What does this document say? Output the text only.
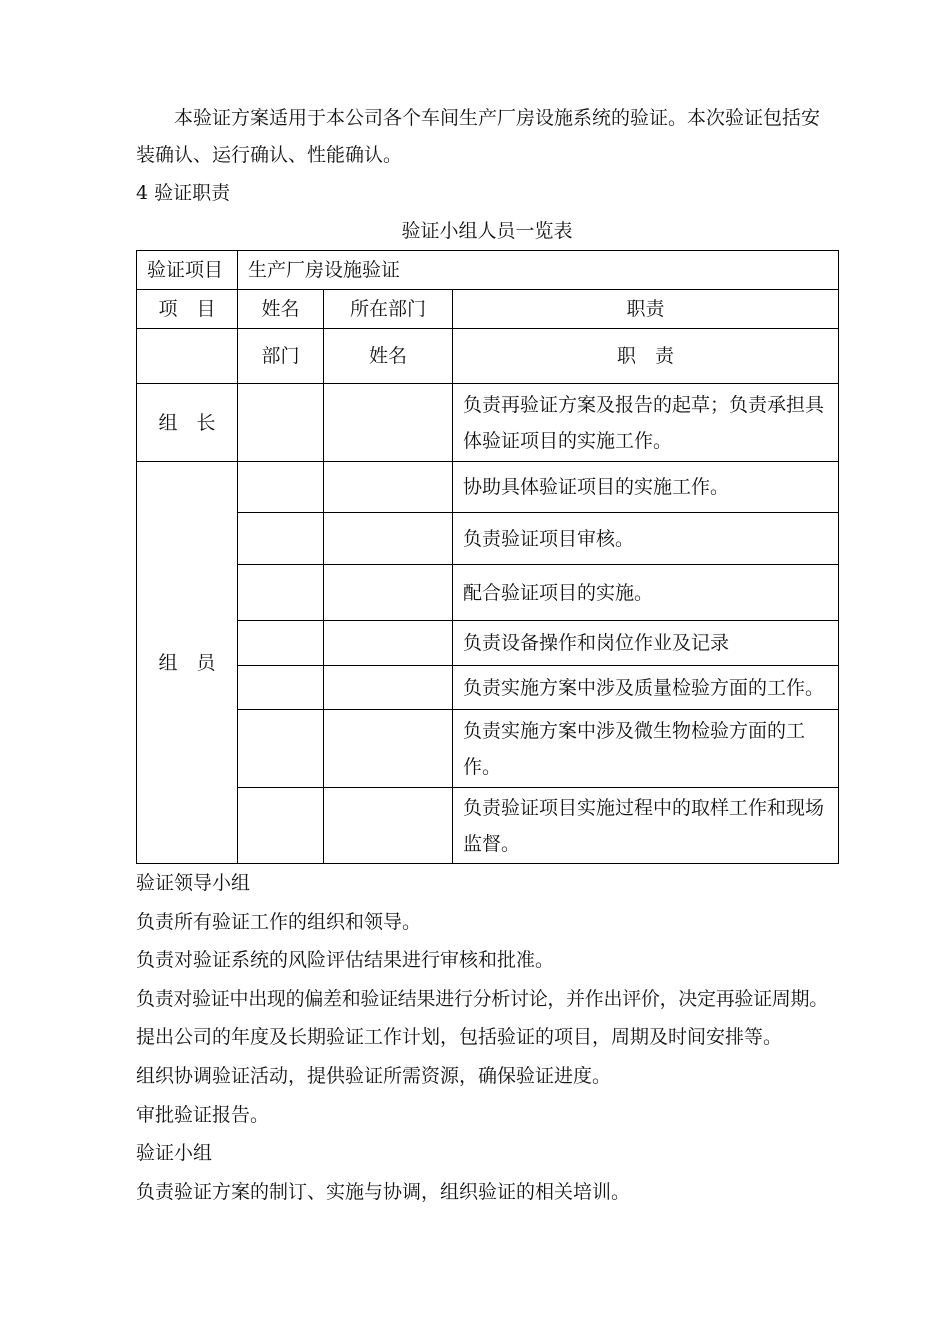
本验证方案适用于本公司各个车间生产厂房设施系统的验证。本次验证包括安装确认、运行确认、性能确认。

4 验证职责

验证小组人员一览表
验证项目	生产厂房设施验证		
项　目	姓名	所在部门	职责
	部门	姓名	职　责
组　长			负责再验证方案及报告的起草；负责承担具体验证项目的实施工作。
组　员			协助具体验证项目的实施工作。
			负责验证项目审核。
			配合验证项目的实施。
			负责设备操作和岗位作业及记录
			负责实施方案中涉及质量检验方面的工作。
			负责实施方案中涉及微生物检验方面的工作。
			负责验证项目实施过程中的取样工作和现场监督。

验证领导小组

负责所有验证工作的组织和领导。

负责对验证系统的风险评估结果进行审核和批准。

负责对验证中出现的偏差和验证结果进行分析讨论，并作出评价，决定再验证周期。

提出公司的年度及长期验证工作计划，包括验证的项目，周期及时间安排等。

组织协调验证活动，提供验证所需资源，确保验证进度。

审批验证报告。

验证小组

负责验证方案的制订、实施与协调，组织验证的相关培训。
